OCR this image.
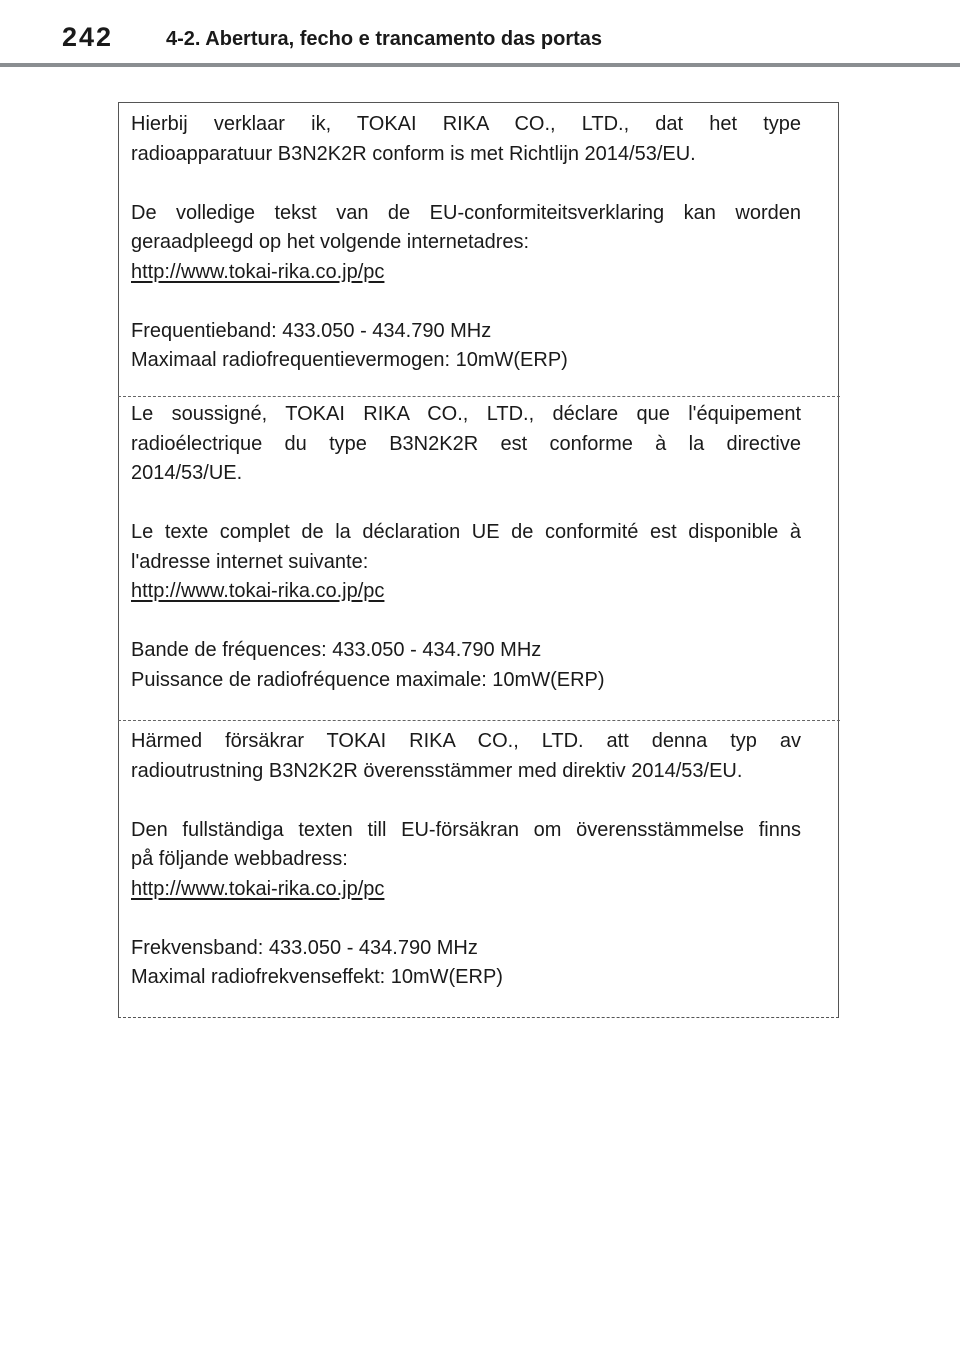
242	4-2. Abertura, fecho e trancamento das portas

Hierbij verklaar ik, TOKAI RIKA CO., LTD., dat het type

radioapparatuur B3N2K2R conform is met Richtlijn 2014/53/EU.

De volledige tekst van de EU-conformiteitsverklaring kan worden

geraadpleegd op het volgende internetadres:

http://www.tokai-rika.co.jp/pc

Frequentieband: 433.050 - 434.790 MHz

Maximaal radiofrequentievermogen: 10mW(ERP)

Le soussigné, TOKAI RIKA CO., LTD., déclare que l'équipement

radioélectrique du type B3N2K2R est conforme à la directive

2014/53/UE.

Le texte complet de la déclaration UE de conformité est disponible à

l'adresse internet suivante:

http://www.tokai-rika.co.jp/pc

Bande de fréquences: 433.050 - 434.790 MHz

Puissance de radiofréquence maximale: 10mW(ERP)

Härmed försäkrar TOKAI RIKA CO., LTD. att denna typ av

radioutrustning B3N2K2R överensstämmer med direktiv 2014/53/EU.

Den fullständiga texten till EU-försäkran om överensstämmelse finns

på följande webbadress:

http://www.tokai-rika.co.jp/pc

Frekvensband: 433.050 - 434.790 MHz

Maximal radiofrekvenseffekt: 10mW(ERP)
